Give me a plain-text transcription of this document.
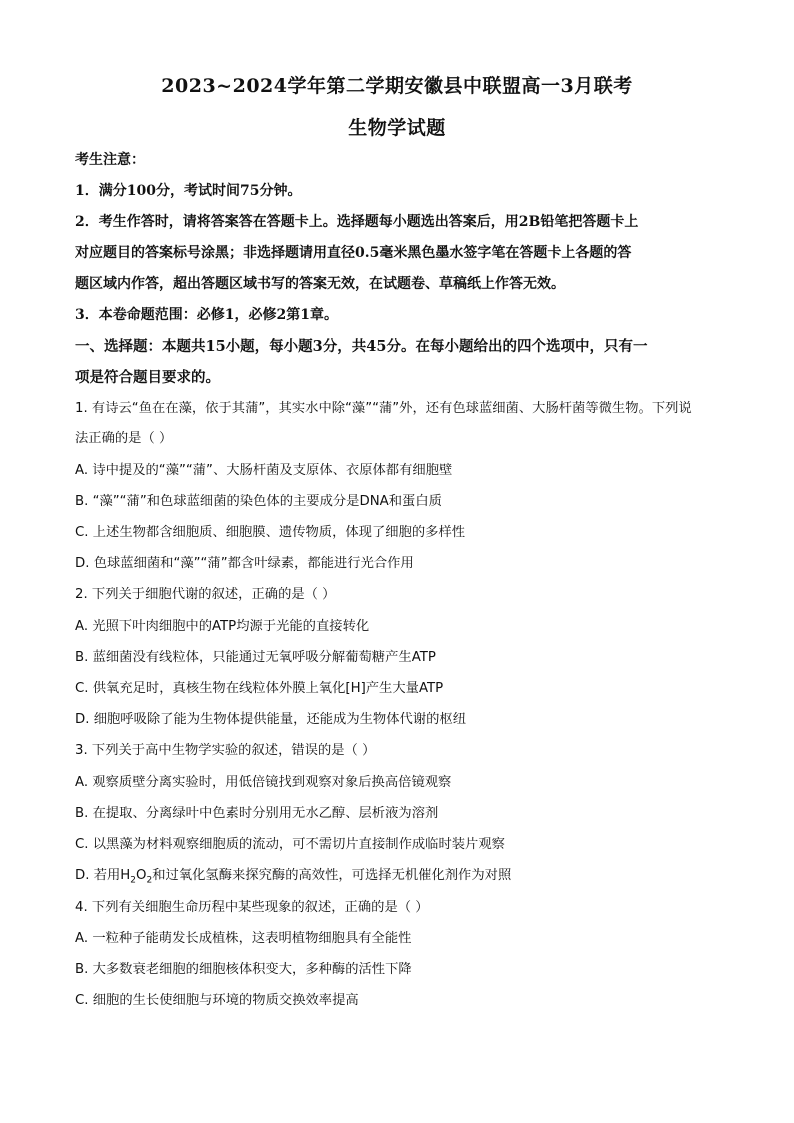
2023~2024学年第二学期安徽县中联盟高一3月联考
生物学试题
考生注意：
1．满分100分，考试时间75分钟。
2．考生作答时，请将答案答在答题卡上。选择题每小题选出答案后，用2B铅笔把答题卡上
对应题目的答案标号涂黑；非选择题请用直径0.5毫米黑色墨水签字笔在答题卡上各题的答
题区域内作答，超出答题区域书写的答案无效，在试题卷、草稿纸上作答无效。
3．本卷命题范围：必修1，必修2第1章。
一、选择题：本题共15小题，每小题3分，共45分。在每小题给出的四个选项中，只有一
项是符合题目要求的。
1. 有诗云“鱼在在藻，依于其蒲”，其实水中除“藻”“蒲”外，还有色球蓝细菌、大肠杆菌等微生物。下列说
法正确的是（ ）
A. 诗中提及的“藻”“蒲”、大肠杆菌及支原体、衣原体都有细胞壁
B. “藻”“蒲”和色球蓝细菌的染色体的主要成分是DNA和蛋白质
C. 上述生物都含细胞质、细胞膜、遗传物质，体现了细胞的多样性
D. 色球蓝细菌和“藻”“蒲”都含叶绿素，都能进行光合作用
2. 下列关于细胞代谢的叙述，正确的是（ ）
A. 光照下叶肉细胞中的ATP均源于光能的直接转化
B. 蓝细菌没有线粒体，只能通过无氧呼吸分解葡萄糖产生ATP
C. 供氧充足时，真核生物在线粒体外膜上氧化[H]产生大量ATP
D. 细胞呼吸除了能为生物体提供能量，还能成为生物体代谢的枢纽
3. 下列关于高中生物学实验的叙述，错误的是（ ）
A. 观察质壁分离实验时，用低倍镜找到观察对象后换高倍镜观察
B. 在提取、分离绿叶中色素时分别用无水乙醇、层析液为溶剂
C. 以黑藻为材料观察细胞质的流动，可不需切片直接制作成临时装片观察
D. 若用$H_2O_2$和过氧化氢酶来探究酶的高效性，可选择无机催化剂作为对照
4. 下列有关细胞生命历程中某些现象的叙述，正确的是（ ）
A. 一粒种子能萌发长成植株，这表明植物细胞具有全能性
B. 大多数衰老细胞的细胞核体积变大，多种酶的活性下降
C. 细胞的生长使细胞与环境的物质交换效率提高
